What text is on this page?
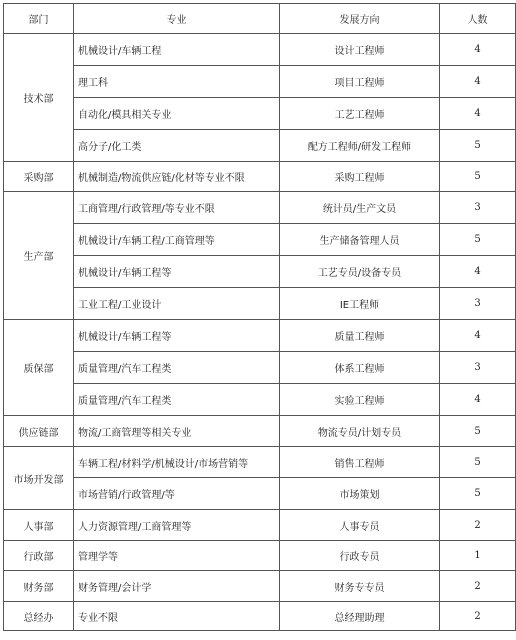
部门	专业	发展方向	人数
技术部	机械设计/车辆工程	设计工程师	4
	理工科	项目工程师	4
	自动化/模具相关专业	工艺工程师	4
	高分子/化工类	配方工程师/研发工程师	5
采购部	机械制造/物流供应链/化材等专业不限	采购工程师	5
生产部	工商管理/行政管理/等专业不限	统计员/生产文员	3
	机械设计/车辆工程/工商管理等	生产储备管理人员	5
	机械设计/车辆工程等	工艺专员/设备专员	4
	工业工程/工业设计	IE工程师	3
质保部	机械设计/车辆工程等	质量工程师	4
	质量管理/汽车工程类	体系工程师	3
	质量管理/汽车工程类	实验工程师	4
供应链部	物流/工商管理等相关专业	物流专员/计划专员	5
市场开发部	车辆工程/材料学/机械设计/市场营销等	销售工程师	5
	市场营销/行政管理/等	市场策划	5
人事部	人力资源管理/工商管理等	人事专员	2
行政部	管理学等	行政专员	1
财务部	财务管理/会计学	财务专专员	2
总经办	专业不限	总经理助理	2
